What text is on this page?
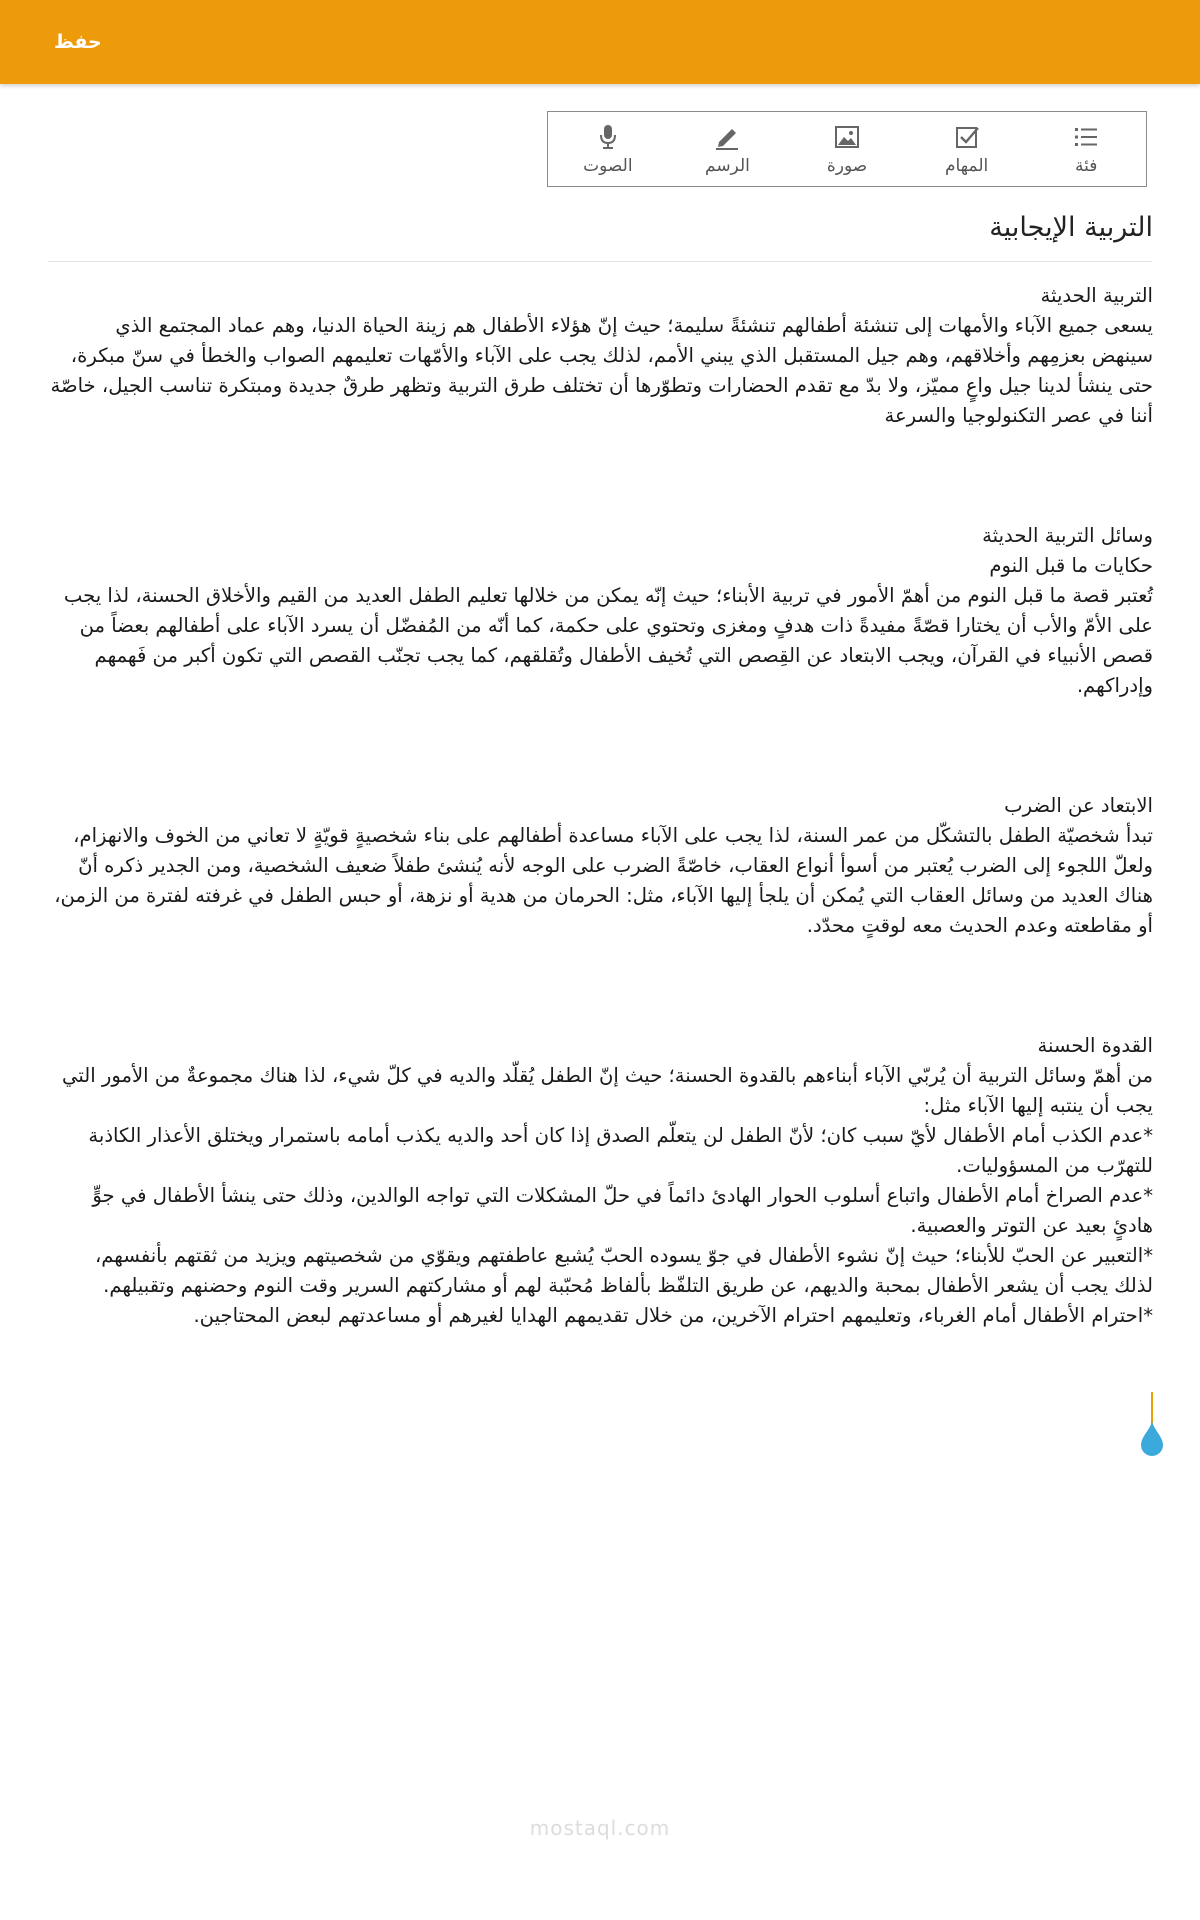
حفظ
فئة
المهام
صورة
الرسم
الصوت
التربية الإيجابية

التربية الحديثة

يسعى جميع الآباء والأمهات إلى تنشئة أطفالهم تنشئةً سليمة؛ حيث إنّ هؤلاء الأطفال هم زينة الحياة الدنيا، وهم عماد المجتمع الذي سينهض بعزمِهم وأخلاقهم، وهم جيل المستقبل الذي يبني الأمم، لذلك يجب على الآباء والأمّهات تعليمهم الصواب والخطأ في سنّ مبكرة، حتى ينشأ لدينا جيل واعٍ مميّز، ولا بدّ مع تقدم الحضارات وتطوّرها أن تختلف طرق التربية وتظهر طرقٌ جديدة ومبتكرة تناسب الجيل، خاصّة أننا في عصر التكنولوجيا والسرعة

وسائل التربية الحديثة

حكايات ما قبل النوم

تُعتبر قصة ما قبل النوم من أهمّ الأمور في تربية الأبناء؛ حيث إنّه يمكن من خلالها تعليم الطفل العديد من القيم والأخلاق الحسنة، لذا يجب على الأمّ والأب أن يختارا قصّةً مفيدةً ذات هدفٍ ومغزى وتحتوي على حكمة، كما أنّه من المُفضّل أن يسرد الآباء على أطفالهم بعضاً من قصص الأنبياء في القرآن، ويجب الابتعاد عن القِصص التي تُخيف الأطفال وتُقلقهم، كما يجب تجنّب القصص التي تكون أكبر من فَهمهم وإدراكهم.

الابتعاد عن الضرب

تبدأ شخصيّة الطفل بالتشكّل من عمر السنة، لذا يجب على الآباء مساعدة أطفالهم على بناء شخصيةٍ قويّةٍ لا تعاني من الخوف والانهزام، ولعلّ اللجوء إلى الضرب يُعتبر من أسوأ أنواع العقاب، خاصّةً الضرب على الوجه لأنه يُنشئ طفلاً ضعيف الشخصية، ومن الجدير ذكره أنّ هناك العديد من وسائل العقاب التي يُمكن أن يلجأ إليها الآباء، مثل: الحرمان من هدية أو نزهة، أو حبس الطفل في غرفته لفترة من الزمن، أو مقاطعته وعدم الحديث معه لوقتٍ محدّد.

القدوة الحسنة

من أهمّ وسائل التربية أن يُربّي الآباء أبناءهم بالقدوة الحسنة؛ حيث إنّ الطفل يُقلّد والديه في كلّ شيء، لذا هناك مجموعةٌ من الأمور التي يجب أن ينتبه إليها الآباء مثل:

*عدم الكذب أمام الأطفال لأيّ سبب كان؛ لأنّ الطفل لن يتعلّم الصدق إذا كان أحد والديه يكذب أمامه باستمرار ويختلق الأعذار الكاذبة للتهرّب من المسؤوليات.

*عدم الصراخ أمام الأطفال واتباع أسلوب الحوار الهادئ دائماً في حلّ المشكلات التي تواجه الوالدين، وذلك حتى ينشأ الأطفال في جوٍّ هادئٍ بعيد عن التوتر والعصبية.

*التعبير عن الحبّ للأبناء؛ حيث إنّ نشوء الأطفال في جوّ يسوده الحبّ يُشبع عاطفتهم ويقوّي من شخصيتهم ويزيد من ثقتهم بأنفسهم، لذلك يجب أن يشعر الأطفال بمحبة والديهم، عن طريق التلفّظ بألفاظ مُحبّبة لهم أو مشاركتهم السرير وقت النوم وحضنهم وتقبيلهم.

*احترام الأطفال أمام الغرباء، وتعليمهم احترام الآخرين، من خلال تقديمهم الهدايا لغيرهم أو مساعدتهم لبعض المحتاجين.

mostaql.com
